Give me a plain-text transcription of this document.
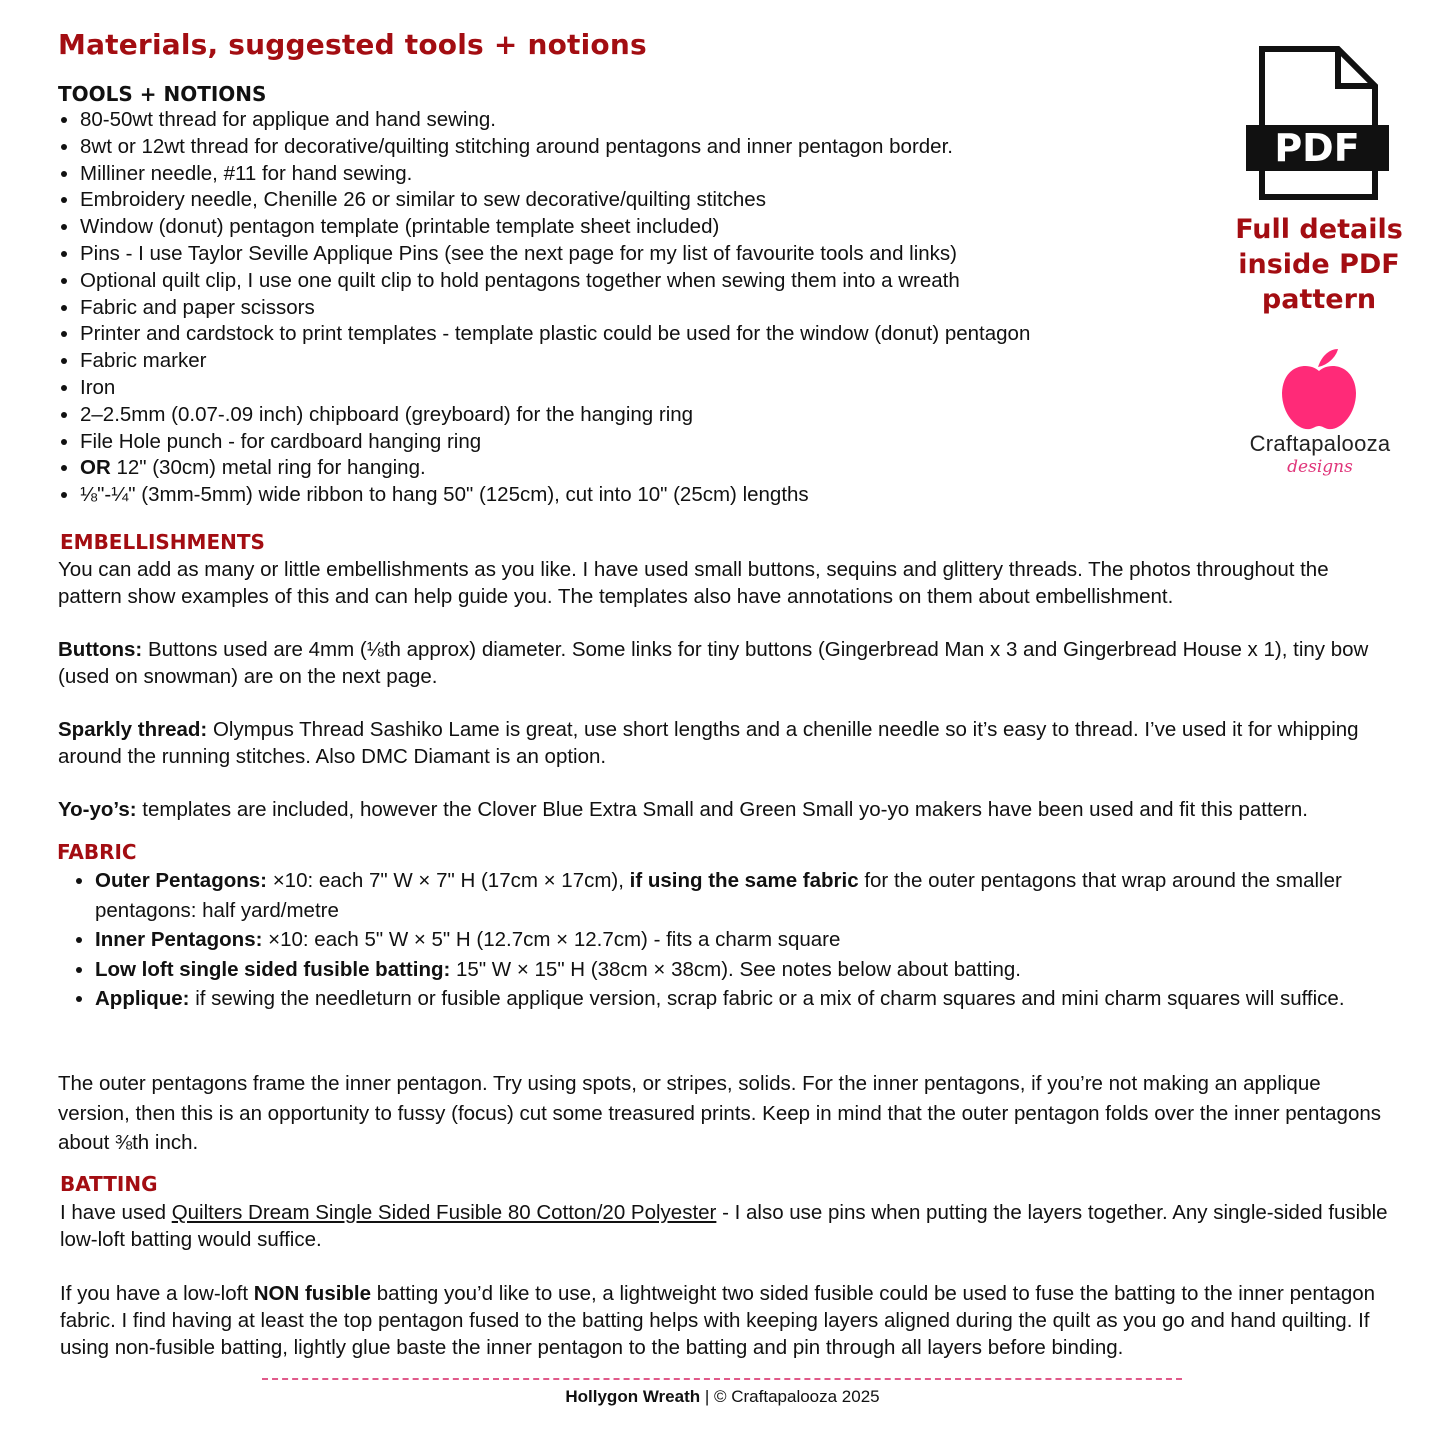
Materials, suggested tools + notions
TOOLS + NOTIONS
• 80-50wt thread for applique and hand sewing.
• 8wt or 12wt thread for decorative/quilting stitching around pentagons and inner pentagon border.
• Milliner needle, #11 for hand sewing.
• Embroidery needle, Chenille 26 or similar to sew decorative/quilting stitches
• Window (donut) pentagon template (printable template sheet included)
• Pins - I use Taylor Seville Applique Pins (see the next page for my list of favourite tools and links)
• Optional quilt clip, I use one quilt clip to hold pentagons together when sewing them into a wreath
• Fabric and paper scissors
• Printer and cardstock to print templates - template plastic could be used for the window (donut) pentagon
• Fabric marker
• Iron
• 2–2.5mm (0.07-.09 inch) chipboard (greyboard) for the hanging ring
• File Hole punch - for cardboard hanging ring
• OR 12" (30cm) metal ring for hanging.
• ⅛"-¼" (3mm-5mm) wide ribbon to hang 50" (125cm), cut into 10" (25cm) lengths
EMBELLISHMENTS

You can add as many or little embellishments as you like. I have used small buttons, sequins and glittery threads. The photos throughout the pattern show examples of this and can help guide you. The templates also have annotations on them about embellishment.

Buttons: Buttons used are 4mm (⅛th approx) diameter. Some links for tiny buttons (Gingerbread Man x 3 and Gingerbread House x 1), tiny bow (used on snowman) are on the next page.

Sparkly thread: Olympus Thread Sashiko Lame is great, use short lengths and a chenille needle so it’s easy to thread. I’ve used it for whipping around the running stitches. Also DMC Diamant is an option.

Yo-yo’s: templates are included, however the Clover Blue Extra Small and Green Small yo-yo makers have been used and fit this pattern.

FABRIC
• Outer Pentagons: ×10: each 7" W × 7" H (17cm × 17cm), if using the same fabric for the outer pentagons that wrap around the smaller pentagons: half yard/metre
• Inner Pentagons: ×10: each 5" W × 5" H (12.7cm × 12.7cm) - fits a charm square
• Low loft single sided fusible batting: 15" W × 15" H (38cm × 38cm). See notes below about batting.
• Applique: if sewing the needleturn or fusible applique version, scrap fabric or a mix of charm squares and mini charm squares will suffice.

The outer pentagons frame the inner pentagon. Try using spots, or stripes, solids. For the inner pentagons, if you’re not making an applique version, then this is an opportunity to fussy (focus) cut some treasured prints. Keep in mind that the outer pentagon folds over the inner pentagons about ⅜th inch.

BATTING

I have used Quilters Dream Single Sided Fusible 80 Cotton/20 Polyester - I also use pins when putting the layers together. Any single-sided fusible low-loft batting would suffice.

If you have a low-loft NON fusible batting you’d like to use, a lightweight two sided fusible could be used to fuse the batting to the inner pentagon fabric. I find having at least the top pentagon fused to the batting helps with keeping layers aligned during the quilt as you go and hand quilting. If using non-fusible batting, lightly glue baste the inner pentagon to the batting and pin through all layers before binding.

PDF
Full details
inside PDF
pattern
Craftapalooza
designs
Hollygon Wreath | © Craftapalooza 2025
